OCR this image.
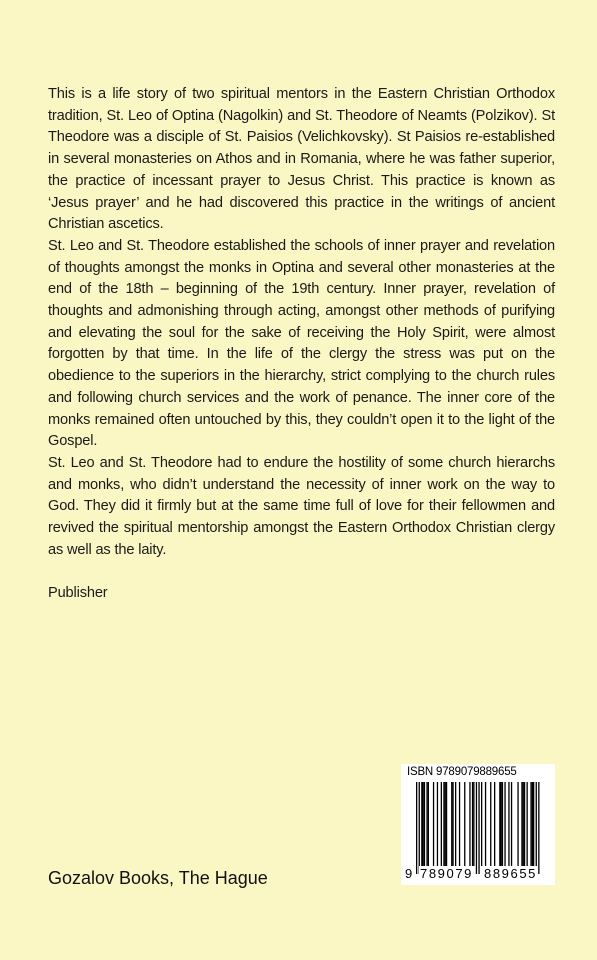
This is a life story of two spiritual mentors in the Eastern Christian Orthodox tradition, St. Leo of Optina (Nagolkin) and St. Theodore of Neamts (Polzikov). St Theodore was a disciple of St. Paisios (Velichkovsky). St Paisios re-established in several monasteries on Athos and in Romania, where he was father superior, the practice of incessant prayer to Jesus Christ. This practice is known as ‘Jesus prayer’ and he had discovered this practice in the writings of ancient Christian ascetics.

St. Leo and St. Theodore established the schools of inner prayer and revelation of thoughts amongst the monks in Optina and several other monasteries at the end of the 18th – beginning of the 19th century. Inner prayer, revelation of thoughts and admonishing through acting, amongst other methods of purifying and elevating the soul for the sake of receiving the Holy Spirit, were almost forgotten by that time. In the life of the clergy the stress was put on the obedience to the superiors in the hierarchy, strict complying to the church rules and following church services and the work of penance. The inner core of the monks remained often untouched by this, they couldn’t open it to the light of the Gospel.

St. Leo and St. Theodore had to endure the hostility of some church hierarchs and monks, who didn’t understand the necessity of inner work on the way to God. They did it firmly but at the same time full of love for their fellowmen and revived the spiritual mentorship amongst the Eastern Orthodox Christian clergy as well as the laity.

Publisher

ISBN 9789079889655
9 789079 889655
Gozalov Books, The Hague
